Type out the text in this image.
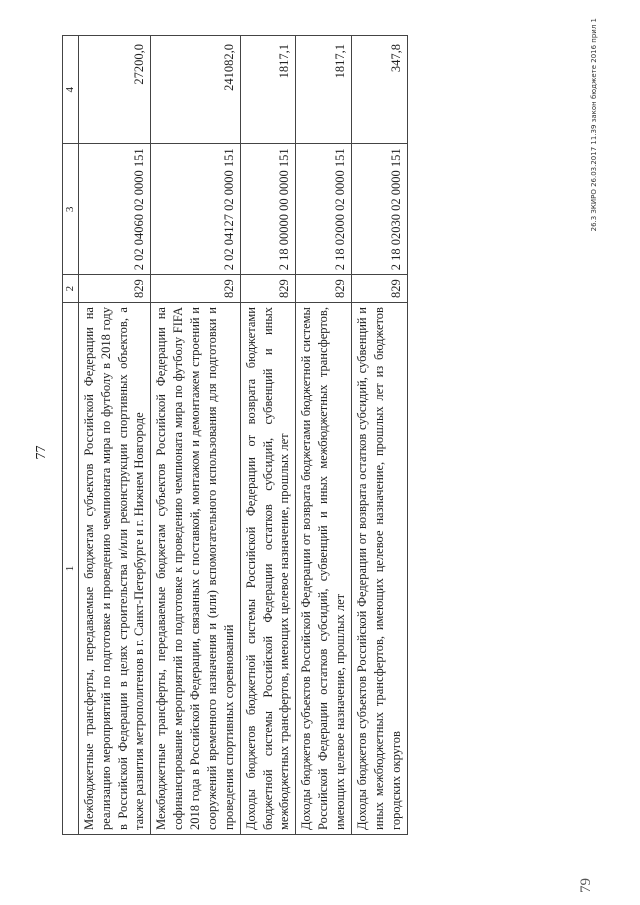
77
79
26.3 ЗКИРО 26.03.2017 11.39 закон бюджете 2016 прил 1
1	2	3	4
Межбюджетные трансферты, передаваемые бюджетам субъектов Российской Федерации на реализацию мероприятий по подготовке и проведению чемпионата мира по футболу в 2018 году в Российской Федерации в целях строительства и/или реконструкции спортивных объектов, а также развития метрополитенов в г. Санкт-Петербурге и г. Нижнем Новгороде	829	2 02 04060 02 0000 151	27200,0
Межбюджетные трансферты, передаваемые бюджетам субъектов Российской Федерации на софинансирование мероприятий по подготовке к проведению чемпионата мира по футболу FIFA 2018 года в Российской Федерации, связанных с поставкой, монтажом и демонтажем строений и сооружений временного назначения и (или) вспомогательного использования для подготовки и проведения спортивных соревнований	829	2 02 04127 02 0000 151	241082,0
Доходы бюджетов бюджетной системы Российской Федерации от возврата бюджетами бюджетной системы Российской Федерации остатков субсидий, субвенций и иных межбюджетных трансфертов, имеющих целевое назначение, прошлых лет	829	2 18 00000 00 0000 151	1817,1
Доходы бюджетов субъектов Российской Федерации от возврата бюджетами бюджетной системы Российской Федерации остатков субсидий, субвенций и иных межбюджетных трансфертов, имеющих целевое назначение, прошлых лет	829	2 18 02000 02 0000 151	1817,1
Доходы бюджетов субъектов Российской Федерации от возврата остатков субсидий, субвенций и иных межбюджетных трансфертов, имеющих целевое назначение, прошлых лет из бюджетов городских округов	829	2 18 02030 02 0000 151	347,8
